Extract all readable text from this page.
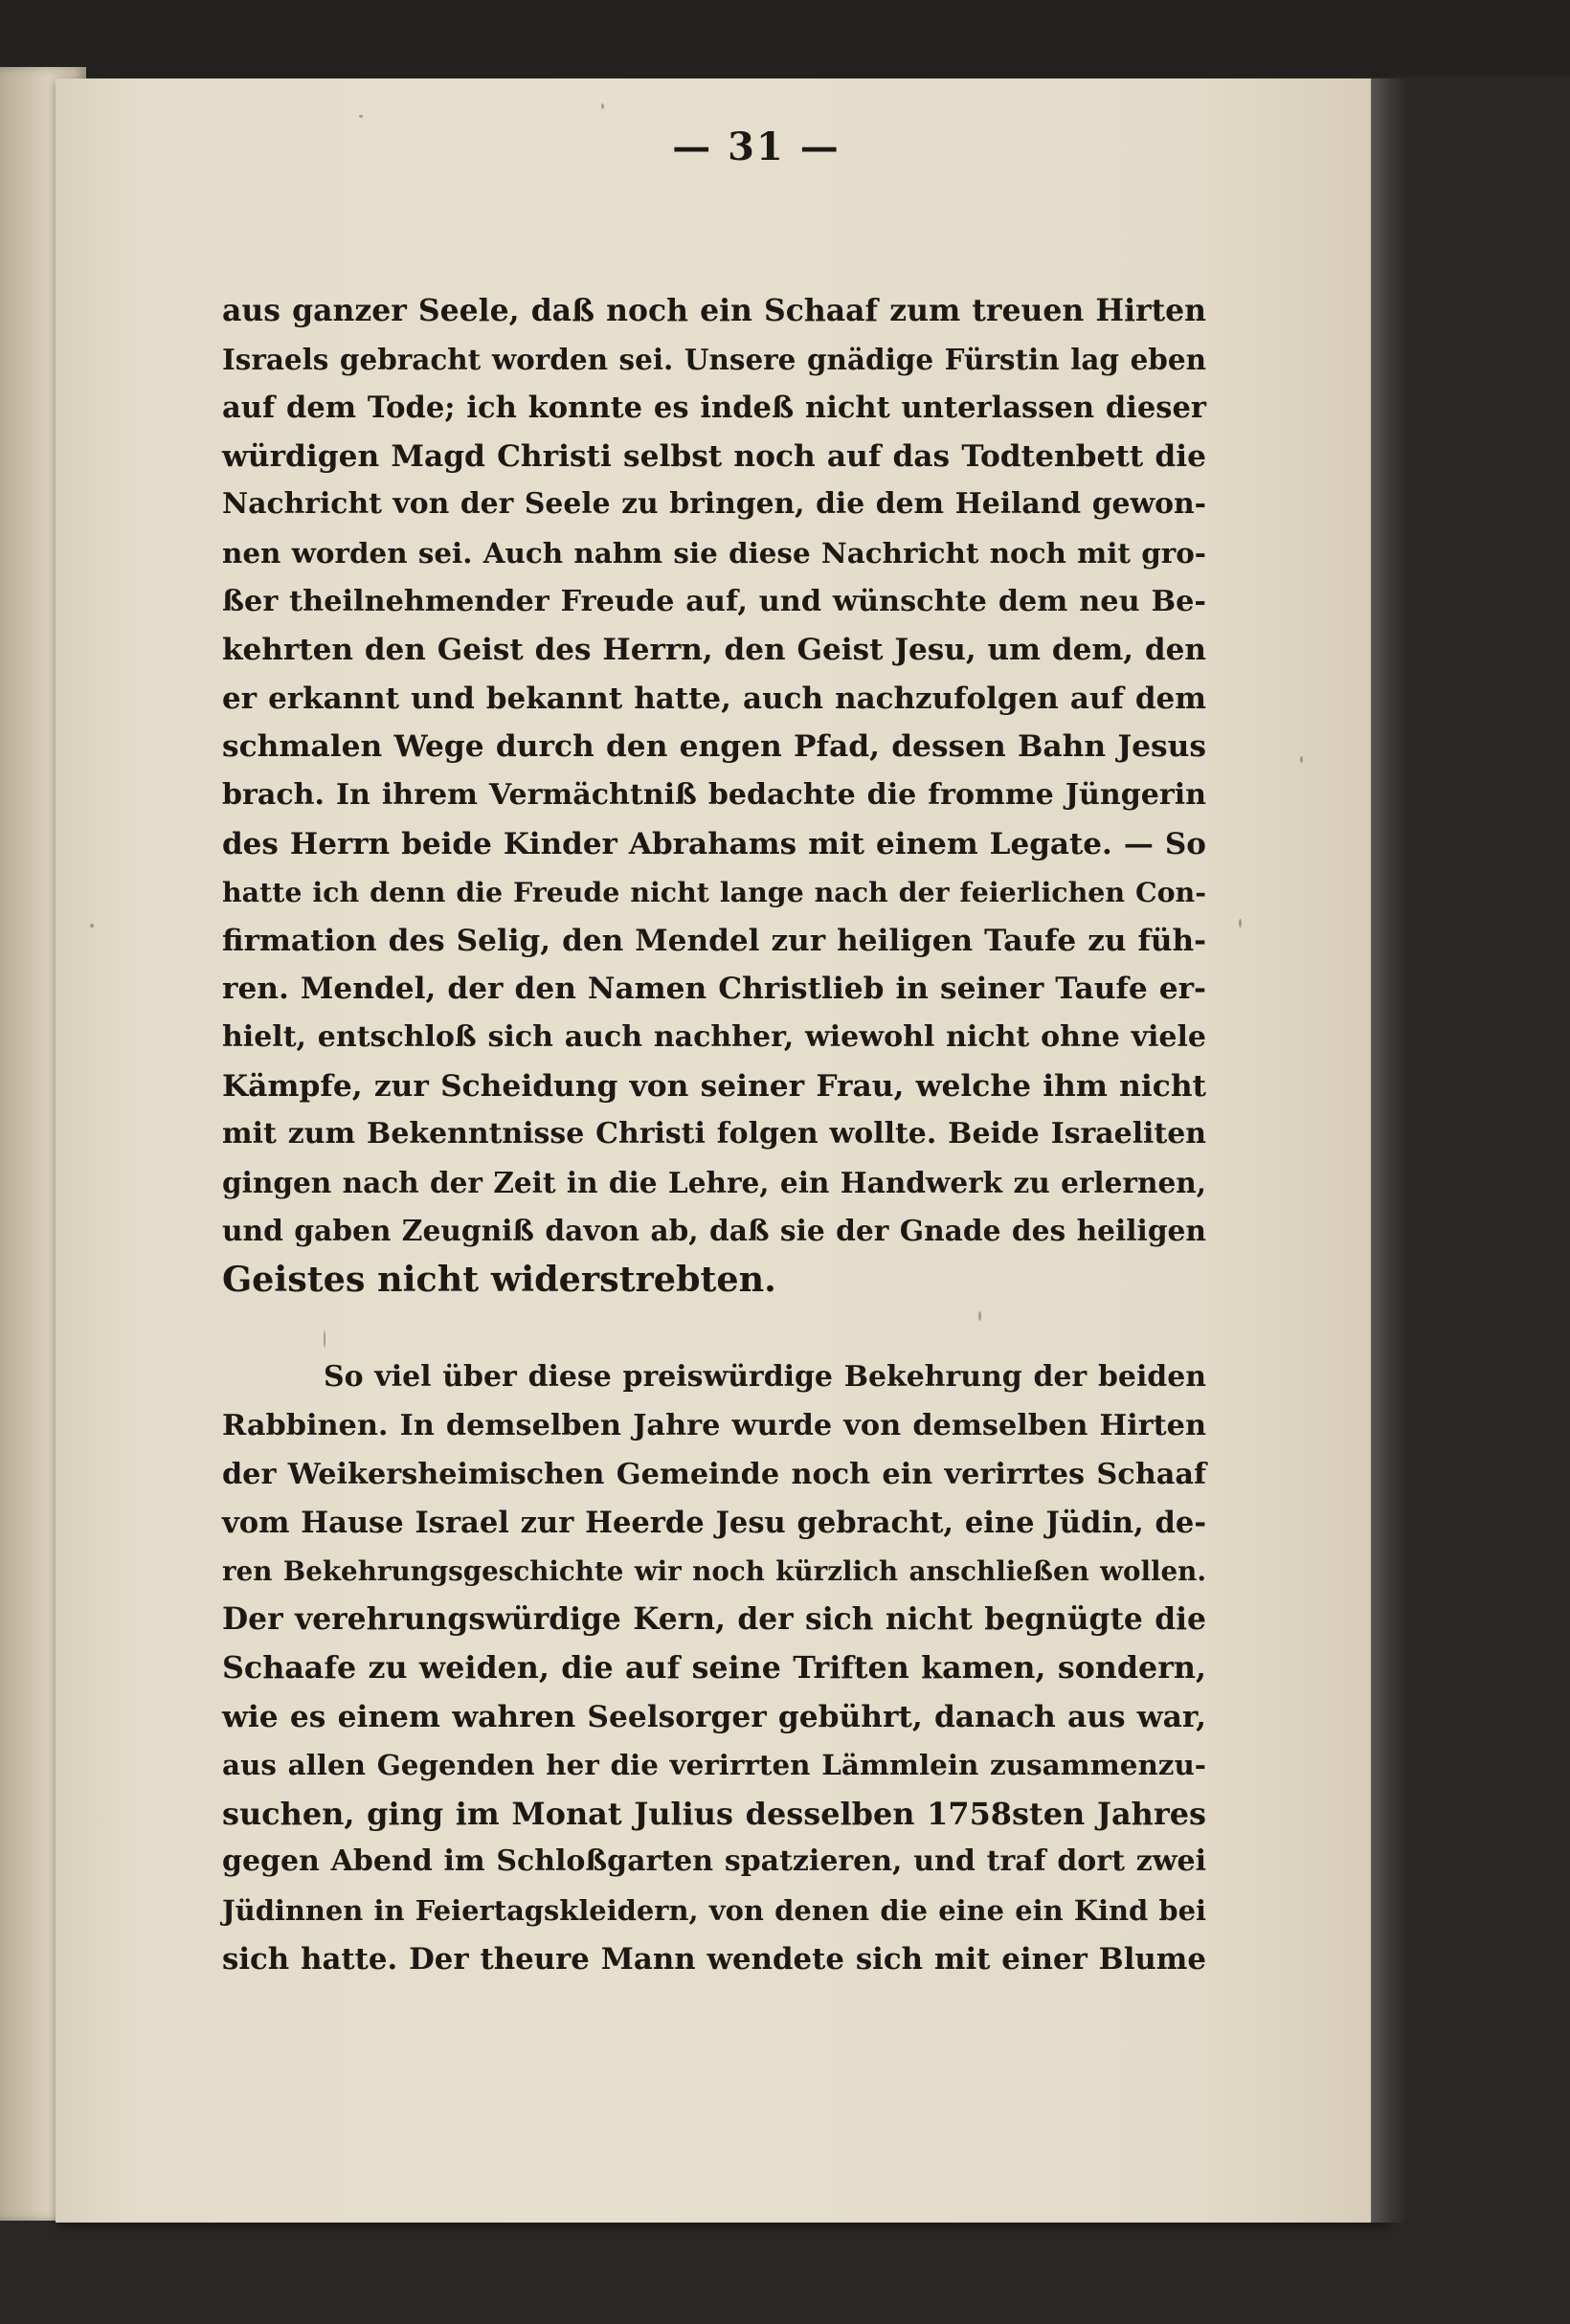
— 31 —
aus ganzer Seele, daß noch ein Schaaf zum treuen Hirten
Israels gebracht worden sei. Unsere gnädige Fürstin lag eben
auf dem Tode; ich konnte es indeß nicht unterlassen dieser
würdigen Magd Christi selbst noch auf das Todtenbett die
Nachricht von der Seele zu bringen, die dem Heiland gewon-
nen worden sei. Auch nahm sie diese Nachricht noch mit gro-
ßer theilnehmender Freude auf, und wünschte dem neu Be-
kehrten den Geist des Herrn, den Geist Jesu, um dem, den
er erkannt und bekannt hatte, auch nachzufolgen auf dem
schmalen Wege durch den engen Pfad, dessen Bahn Jesus
brach. In ihrem Vermächtniß bedachte die fromme Jüngerin
des Herrn beide Kinder Abrahams mit einem Legate. — So
hatte ich denn die Freude nicht lange nach der feierlichen Con-
firmation des Selig, den Mendel zur heiligen Taufe zu füh-
ren. Mendel, der den Namen Christlieb in seiner Taufe er-
hielt, entschloß sich auch nachher, wiewohl nicht ohne viele
Kämpfe, zur Scheidung von seiner Frau, welche ihm nicht
mit zum Bekenntnisse Christi folgen wollte. Beide Israeliten
gingen nach der Zeit in die Lehre, ein Handwerk zu erlernen,
und gaben Zeugniß davon ab, daß sie der Gnade des heiligen
Geistes nicht widerstrebten.
So viel über diese preiswürdige Bekehrung der beiden
Rabbinen. In demselben Jahre wurde von demselben Hirten
der Weikersheimischen Gemeinde noch ein verirrtes Schaaf
vom Hause Israel zur Heerde Jesu gebracht, eine Jüdin, de-
ren Bekehrungsgeschichte wir noch kürzlich anschließen wollen.
Der verehrungswürdige Kern, der sich nicht begnügte die
Schaafe zu weiden, die auf seine Triften kamen, sondern,
wie es einem wahren Seelsorger gebührt, danach aus war,
aus allen Gegenden her die verirrten Lämmlein zusammenzu-
suchen, ging im Monat Julius desselben 1758sten Jahres
gegen Abend im Schloßgarten spatzieren, und traf dort zwei
Jüdinnen in Feiertagskleidern, von denen die eine ein Kind bei
sich hatte. Der theure Mann wendete sich mit einer Blume
